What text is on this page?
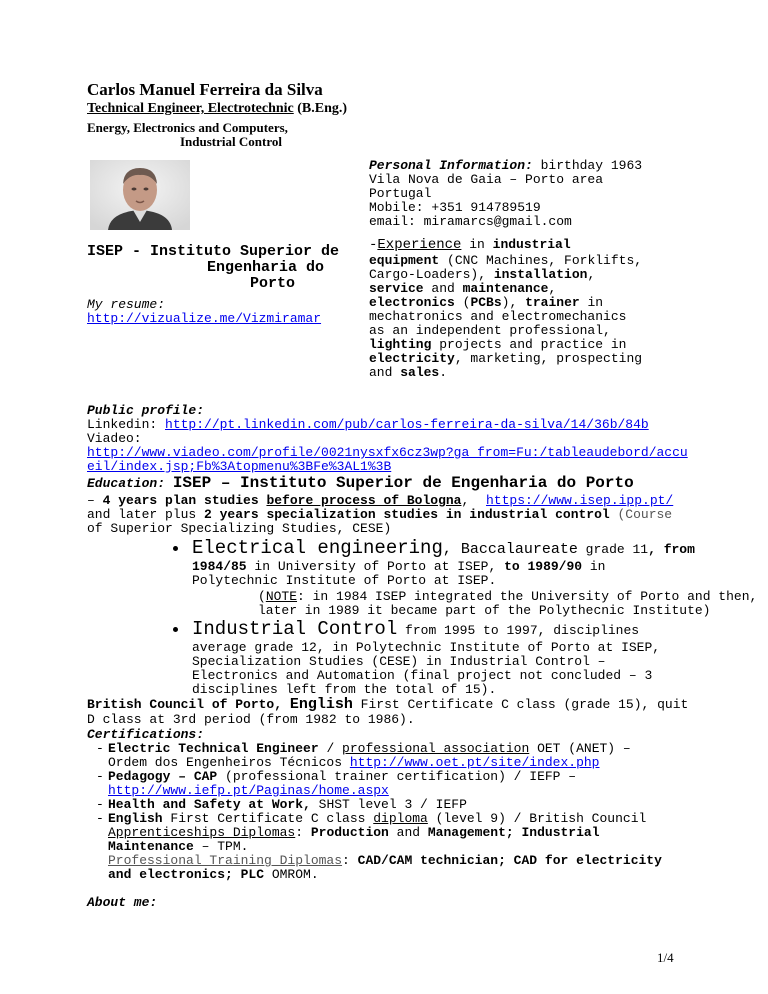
Carlos Manuel Ferreira da Silva
Technical Engineer, Electrotechnic (B.Eng.)
Energy, Electronics and Computers,
Industrial Control
ISEP - Instituto Superior de
Engenharia do
Porto
My resume:
http://vizualize.me/Vizmiramar
Personal Information: birthday 1963
Vila Nova de Gaia – Porto area
Portugal
Mobile: +351 914789519
email: miramarcs@gmail.com
-Experience in industrial
equipment (CNC Machines, Forklifts,
Cargo-Loaders), installation,
service and maintenance,
electronics (PCBs), trainer in
mechatronics and electromechanics
as an independent professional,
lighting projects and practice in
electricity, marketing, prospecting
and sales.
Public profile:
Linkedin: http://pt.linkedin.com/pub/carlos-ferreira-da-silva/14/36b/84b
Viadeo:
http://www.viadeo.com/profile/0021nysxfx6cz3wp?ga_from=Fu:/tableaudebord/accu
eil/index.jsp;Fb%3Atopmenu%3BFe%3AL1%3B
Education: ISEP – Instituto Superior de Engenharia do Porto
– 4 years plan studies before process of Bologna, https://www.isep.ipp.pt/
and later plus 2 years specialization studies in industrial control (Course
of Superior Specializing Studies, CESE)
Electrical engineering, Baccalaureate grade 11, from
1984/85 in University of Porto at ISEP, to 1989/90 in
Polytechnic Institute of Porto at ISEP.
(NOTE: in 1984 ISEP integrated the University of Porto and then,
later in 1989 it became part of the Polythecnic Institute)
Industrial Control from 1995 to 1997, disciplines
average grade 12, in Polytechnic Institute of Porto at ISEP,
Specialization Studies (CESE) in Industrial Control –
Electronics and Automation (final project not concluded – 3
disciplines left from the total of 15).
British Council of Porto, English First Certificate C class (grade 15), quit
D class at 3rd period (from 1982 to 1986).
Certifications:
- Electric Technical Engineer / professional association OET (ANET) –
Ordem dos Engenheiros Técnicos http://www.oet.pt/site/index.php
- Pedagogy – CAP (professional trainer certification) / IEFP –
http://www.iefp.pt/Paginas/home.aspx
- Health and Safety at Work, SHST level 3 / IEFP
- English First Certificate C class diploma (level 9) / British Council
Apprenticeships Diplomas: Production and Management; Industrial
Maintenance – TPM.
Professional Training Diplomas: CAD/CAM technician; CAD for electricity
and electronics; PLC OMROM.
About me:
1/4
